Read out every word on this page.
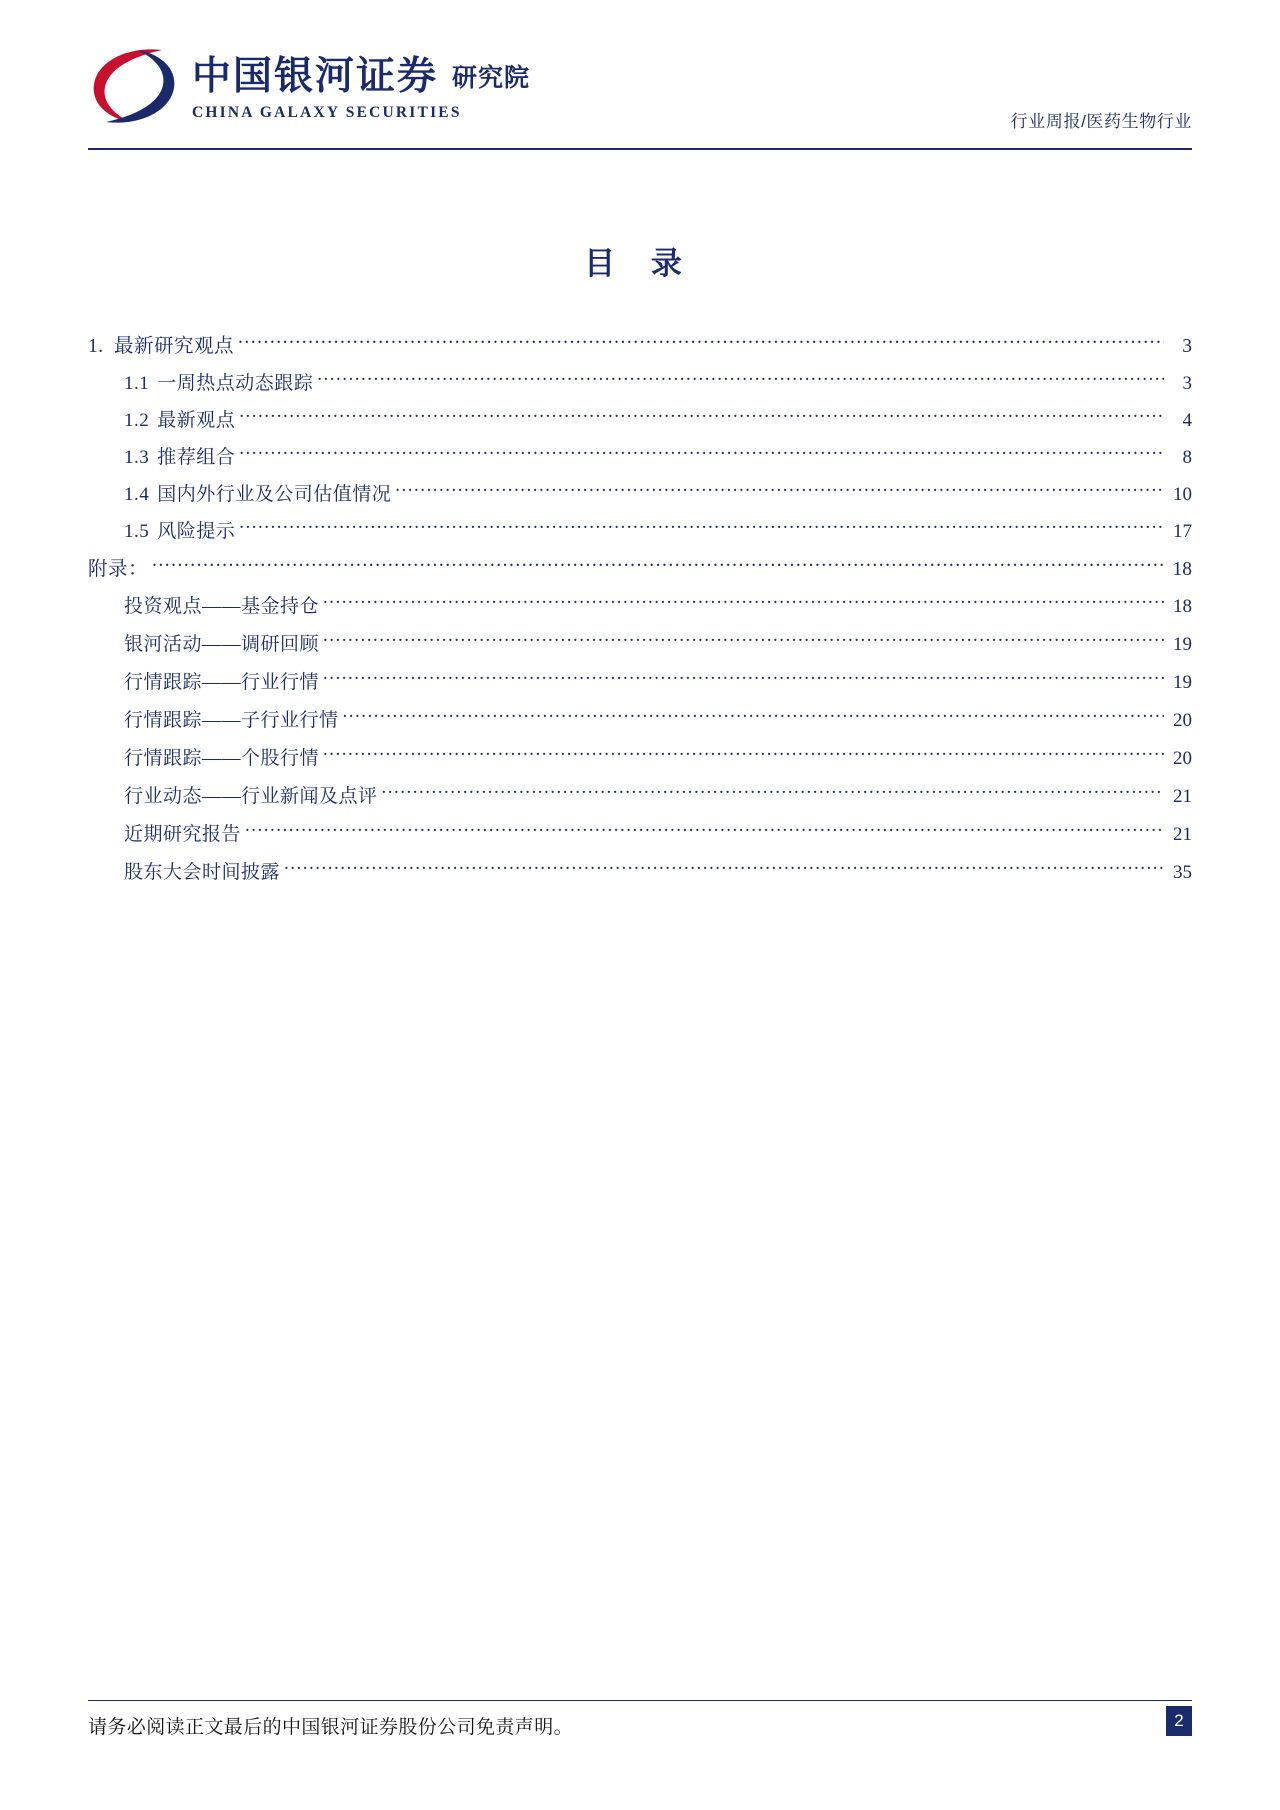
中国银河证券 研究院
CHINA GALAXY SECURITIES	行业周报/医药生物行业
目 录
1. 最新研究观点 .....	3
1.1 一周热点动态跟踪 .....	3
1.2 最新观点 .....	4
1.3 推荐组合 .....	8
1.4 国内外行业及公司估值情况 .....	10
1.5 风险提示 .....	17
附录： .....	18
投资观点——基金持仓 .....	18
银河活动——调研回顾 .....	19
行情跟踪——行业行情 .....	19
行情跟踪——子行业行情 .....	20
行情跟踪——个股行情 .....	20
行业动态——行业新闻及点评 .....	21
近期研究报告 .....	21
股东大会时间披露 .....	35
请务必阅读正文最后的中国银河证券股份公司免责声明。	2
